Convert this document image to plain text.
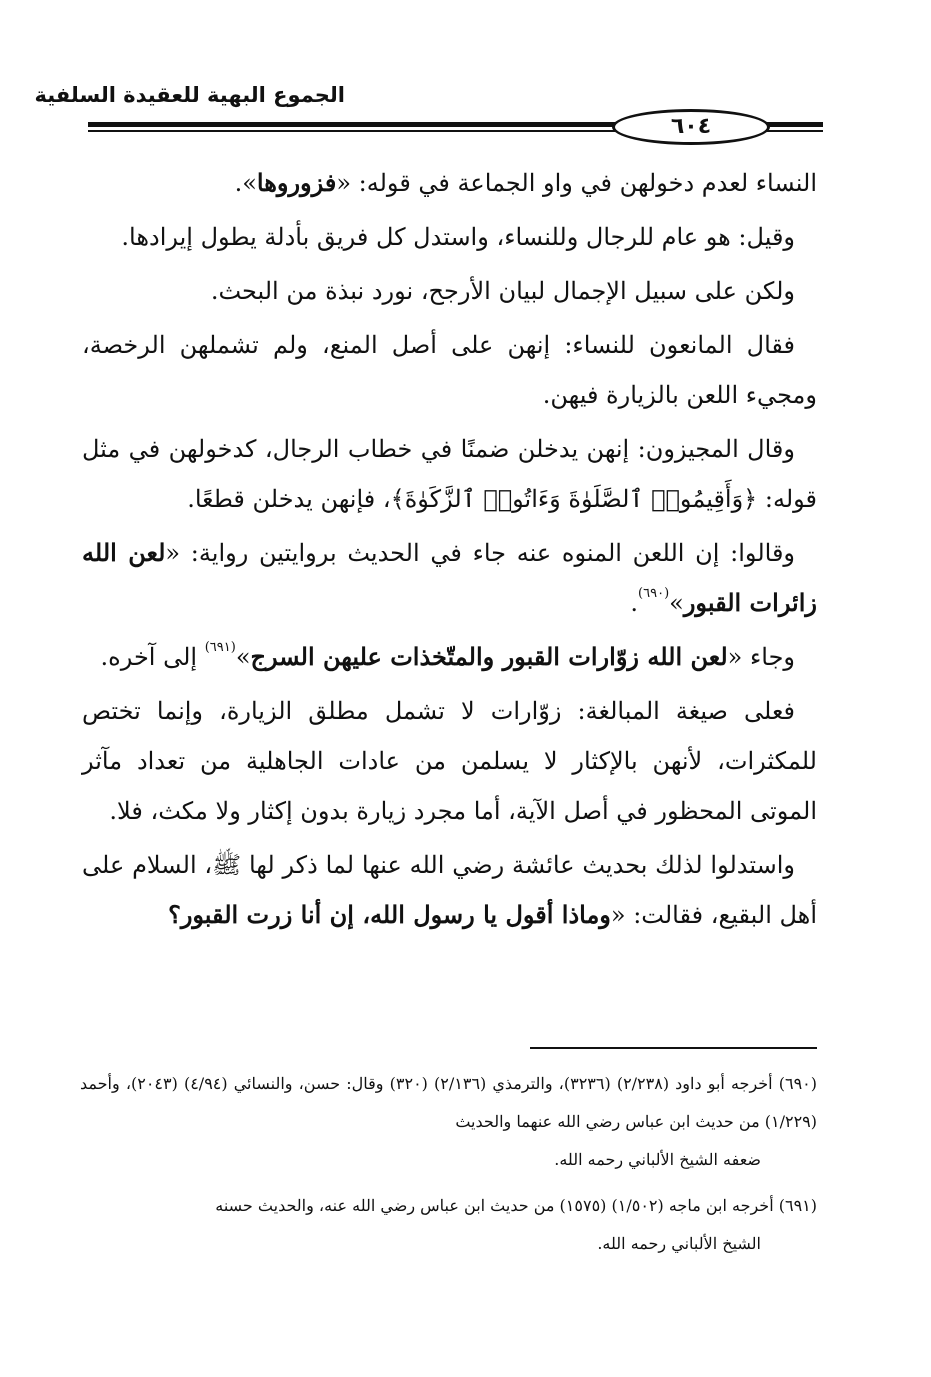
الجموع البهية للعقيدة السلفية
٦٠٤

النساء لعدم دخولهن في واو الجماعة في قوله: «فزوروها».

وقيل: هو عام للرجال وللنساء، واستدل كل فريق بأدلة يطول إيرادها.

ولكن على سبيل الإجمال لبيان الأرجح، نورد نبذة من البحث.

فقال المانعون للنساء: إنهن على أصل المنع، ولم تشملهن الرخصة، ومجيء اللعن بالزيارة فيهن.

وقال المجيزون: إنهن يدخلن ضمنًا في خطاب الرجال، كدخولهن في مثل قوله: ﴿وَأَقِيمُوا۟ ٱلصَّلَوٰةَ وَءَاتُوا۟ ٱلزَّكَوٰةَ﴾، فإنهن يدخلن قطعًا.

وقالوا: إن اللعن المنوه عنه جاء في الحديث بروايتين رواية: «لعن الله زائرات القبور»$^{(٦٩٠)}$.

وجاء «لعن الله زوّارات القبور والمتّخذات عليهن السرج»$^{(٦٩١)}$ إلى آخره.

فعلى صيغة المبالغة: زوّارات لا تشمل مطلق الزيارة، وإنما تختص للمكثرات، لأنهن بالإكثار لا يسلمن من عادات الجاهلية من تعداد مآثر الموتى المحظور في أصل الآية، أما مجرد زيارة بدون إكثار ولا مكث، فلا.

واستدلوا لذلك بحديث عائشة رضي الله عنها لما ذكر لها ﷺ، السلام على أهل البقيع، فقالت: «وماذا أقول يا رسول الله، إن أنا زرت القبور؟

(٦٩٠) أخرجه أبو داود (٢/٢٣٨) (٣٢٣٦)، والترمذي (٢/١٣٦) (٣٢٠) وقال: حسن، والنسائي (٤/٩٤) (٢٠٤٣)، وأحمد (١/٢٢٩) من حديث ابن عباس رضي الله عنهما والحديث
ضعفه الشيخ الألباني رحمه الله.

(٦٩١) أخرجه ابن ماجه (١/٥٠٢) (١٥٧٥) من حديث ابن عباس رضي الله عنه، والحديث حسنه
الشيخ الألباني رحمه الله.
